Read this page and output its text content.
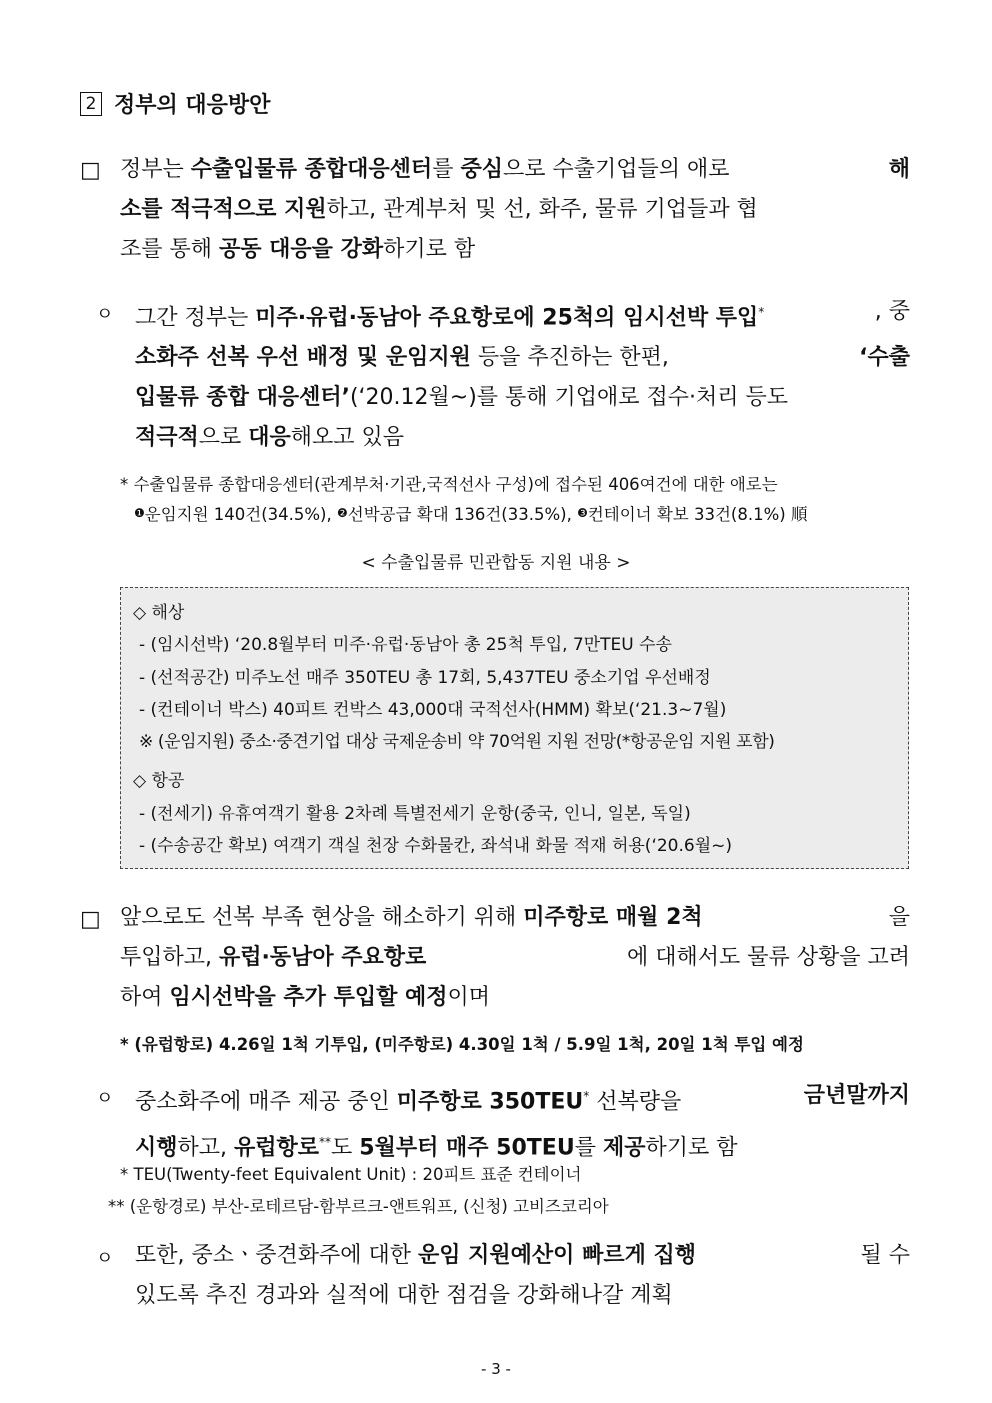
2 정부의 대응방안
□ 정부는 수출입물류 종합대응센터를 중심으로 수출기업들의 애로	해
소를 적극적으로 지원하고, 관계부처 및 선, 화주, 물류 기업들과 협
조를 통해 공동 대응을 강화하기로 함
ㅇ 그간 정부는 미주·유럽·동남아 주요항로에 25척의 임시선박 투입*	, 중
소화주 선복 우선 배정 및 운임지원 등을 추진하는 한편,	‘수출
입물류 종합 대응센터’(‘20.12월~)를 통해 기업애로 접수·처리 등도
적극적으로 대응해오고 있음
* 수출입물류 종합대응센터(관계부처·기관,국적선사 구성)에 접수된 406여건에 대한 애로는
❶운임지원 140건(34.5%), ❷선박공급 확대 136건(33.5%), ❸컨테이너 확보 33건(8.1%) 順
< 수출입물류 민관합동 지원 내용 >
◇ 해상
- (임시선박) ‘20.8월부터 미주·유럽·동남아 총 25척 투입, 7만TEU 수송
- (선적공간) 미주노선 매주 350TEU 총 17회, 5,437TEU 중소기업 우선배정
- (컨테이너 박스) 40피트 컨박스 43,000대 국적선사(HMM) 확보(‘21.3~7월)
※ (운임지원) 중소·중견기업 대상 국제운송비 약 70억원 지원 전망(*항공운임 지원 포함)
◇ 항공
- (전세기) 유휴여객기 활용 2차례 특별전세기 운항(중국, 인니, 일본, 독일)
- (수송공간 확보) 여객기 객실 천장 수화물칸, 좌석내 화물 적재 허용(‘20.6월~)
□ 앞으로도 선복 부족 현상을 해소하기 위해 미주항로 매월 2척	을
투입하고, 유럽·동남아 주요항로	에 대해서도 물류 상황을 고려
하여 임시선박을 추가 투입할 예정이며
* (유럽항로) 4.26일 1척 기투입, (미주항로) 4.30일 1척 / 5.9일 1척, 20일 1척 투입 예정
ㅇ 중소화주에 매주 제공 중인 미주항로 350TEU* 선복량을	금년말까지
시행하고, 유럽항로**도 5월부터 매주 50TEU를 제공하기로 함
* TEU(Twenty-feet Equivalent Unit) : 20피트 표준 컨테이너
** (운항경로) 부산-로테르담-함부르크-앤트워프, (신청) 고비즈코리아
ㅇ 또한, 중소ㆍ중견화주에 대한 운임 지원예산이 빠르게 집행	될 수
있도록 추진 경과와 실적에 대한 점검을 강화해나갈 계획
- 3 -
